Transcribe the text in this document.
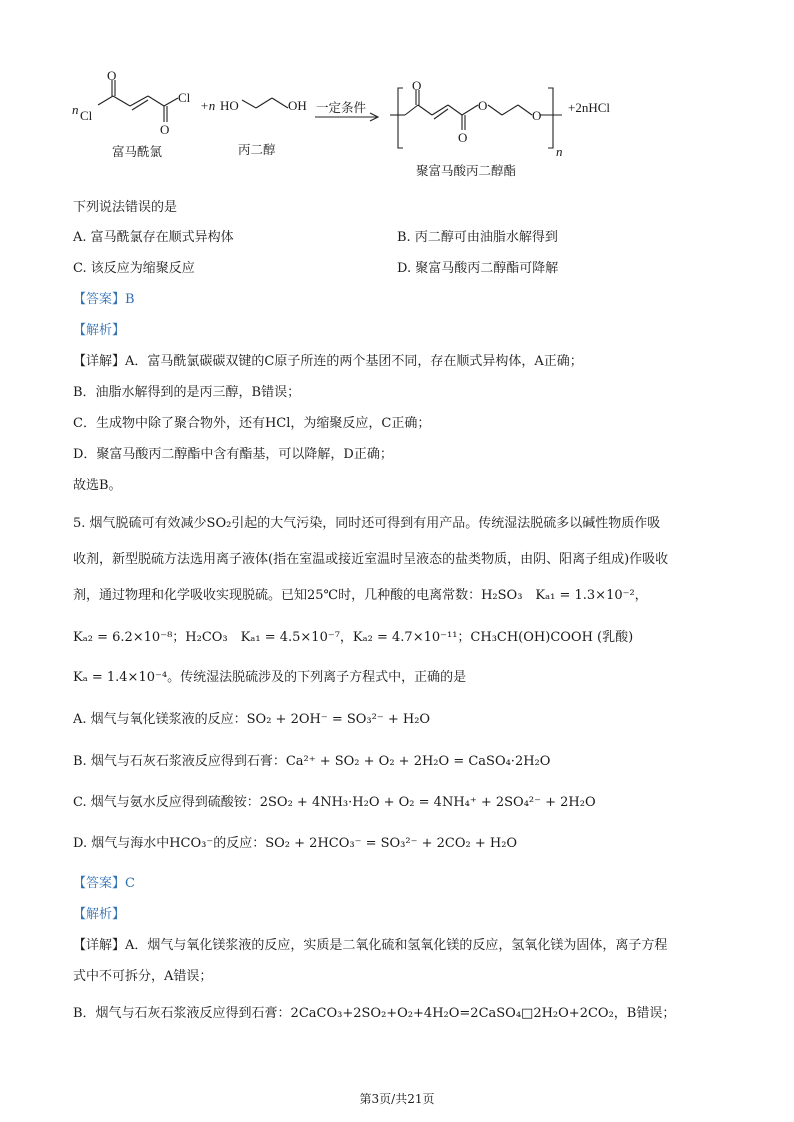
O
n Cl
Cl
O
富马酰氯
+n HO	OH
丙二醇
一定条件
O
O
O
O
n
+2nHCl
聚富马酸丙二醇酯
下列说法错误的是
A. 富马酰氯存在顺式异构体	B. 丙二醇可由油脂水解得到
C. 该反应为缩聚反应	D. 聚富马酸丙二醇酯可降解
【答案】B
【解析】
【详解】A．富马酰氯碳碳双键的C原子所连的两个基团不同，存在顺式异构体，A正确；
B．油脂水解得到的是丙三醇，B错误；
C．生成物中除了聚合物外，还有HCl，为缩聚反应，C正确；
D．聚富马酸丙二醇酯中含有酯基，可以降解，D正确；
故选B。
5. 烟气脱硫可有效减少SO₂引起的大气污染，同时还可得到有用产品。传统湿法脱硫多以碱性物质作吸
收剂，新型脱硫方法选用离子液体(指在室温或接近室温时呈液态的盐类物质，由阴、阳离子组成)作吸收
剂，通过物理和化学吸收实现脱硫。已知25℃时，几种酸的电离常数：H₂SO₃　Kₐ₁ = 1.3×10⁻²，
Kₐ₂ = 6.2×10⁻⁸；H₂CO₃　Kₐ₁ = 4.5×10⁻⁷，Kₐ₂ = 4.7×10⁻¹¹；CH₃CH(OH)COOH (乳酸)
Kₐ = 1.4×10⁻⁴。传统湿法脱硫涉及的下列离子方程式中，正确的是
A. 烟气与氧化镁浆液的反应：SO₂ + 2OH⁻ = SO₃²⁻ + H₂O
B. 烟气与石灰石浆液反应得到石膏：Ca²⁺ + SO₂ + O₂ + 2H₂O = CaSO₄·2H₂O
C. 烟气与氨水反应得到硫酸铵：2SO₂ + 4NH₃·H₂O + O₂ = 4NH₄⁺ + 2SO₄²⁻ + 2H₂O
D. 烟气与海水中HCO₃⁻的反应：SO₂ + 2HCO₃⁻ = SO₃²⁻ + 2CO₂ + H₂O
【答案】C
【解析】
【详解】A．烟气与氧化镁浆液的反应，实质是二氧化硫和氢氧化镁的反应，氢氧化镁为固体，离子方程
式中不可拆分，A错误；
B．烟气与石灰石浆液反应得到石膏：2CaCO₃+2SO₂+O₂+4H₂O=2CaSO₄□2H₂O+2CO₂，B错误；
第3页/共21页
